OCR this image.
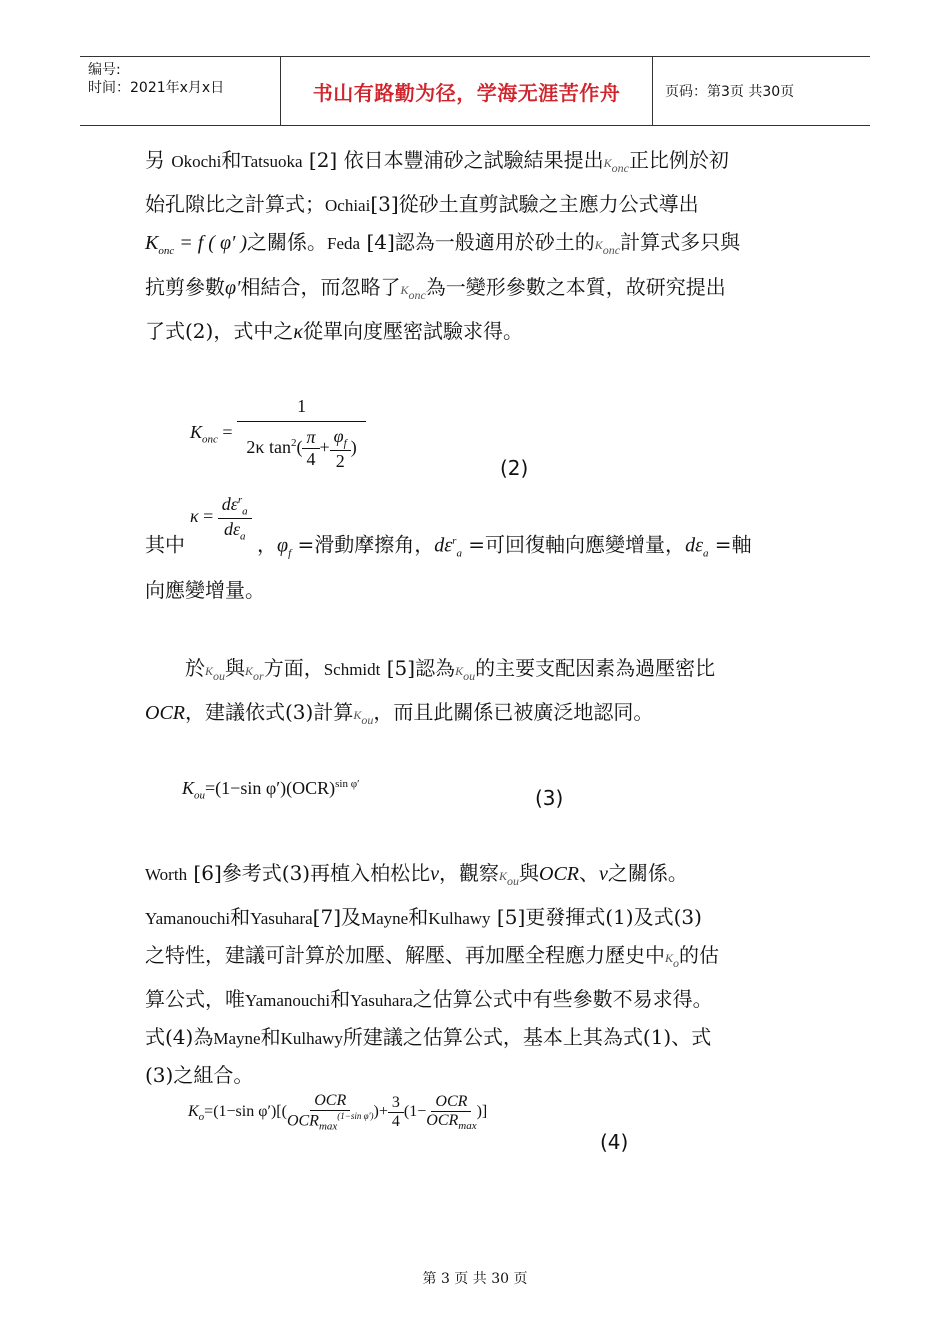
编号:
时间：2021年x月x日	书山有路勤为径，学海无涯苦作舟	页码：第3页 共30页
另 Okochi和Tatsuoka [2] 依日本豐浦砂之試驗結果提出$K_{onc}$正比例於初
始孔隙比之計算式；Ochiai[3]從砂土直剪試驗之主應力公式導出
$K_{onc} = f$ ( φ′ )之關係。Feda [4]認為一般適用於砂土的$K_{onc}$計算式多只與
抗剪參數φ′相結合，而忽略了$K_{onc}$為一變形參數之本質，故研究提出
了式(2)，式中之κ從單向度壓密試驗求得。
$K_{onc} = \frac{1}{2\kappa \tan^2( \frac{\pi}{4} + \frac{\varphi_f}{2} )}$	(2)
$\kappa = \frac{d\varepsilon^r_a}{d\varepsilon_a}$
其中	，$\varphi_f$ =滑動摩擦角，$d\varepsilon^r_a$ =可回復軸向應變增量，$d\varepsilon_a$ =軸
向應變增量。
於$K_{ou}$與$K_{or}$方面，Schmidt [5]認為$K_{ou}$的主要支配因素為過壓密比
OCR，建議依式(3)計算$K_{ou}$，而且此關係已被廣泛地認同。
$K_{ou}=(1-\sin$ φ′)(OCR)$^{sin \varphi'}$
(3)
Worth [6]參考式(3)再植入柏松比ν，觀察$K_{ou}$與OCR、ν之關係。
Yamanouchi和Yasuhara[7]及Mayne和Kulhawy [5]更發揮式(1)及式(3)
之特性，建議可計算於加壓、解壓、再加壓全程應力歷史中$K_o$的估
算公式，唯Yamanouchi和Yasuhara之估算公式中有些參數不易求得。
式(4)為Mayne和Kulhawy所建議之估算公式，基本上其為式(1)、式
(3)之組合。
$K_o=(1-\sin$ $\varphi')[( \frac{\text{OCR}}{OCR_{max}^{(1-sin \varphi')}}$ )+ $\frac{3}{4} (1- \frac{\text{OCR}}{OCR_{max}}$ )]
(4)
第 3 页 共 30 页
